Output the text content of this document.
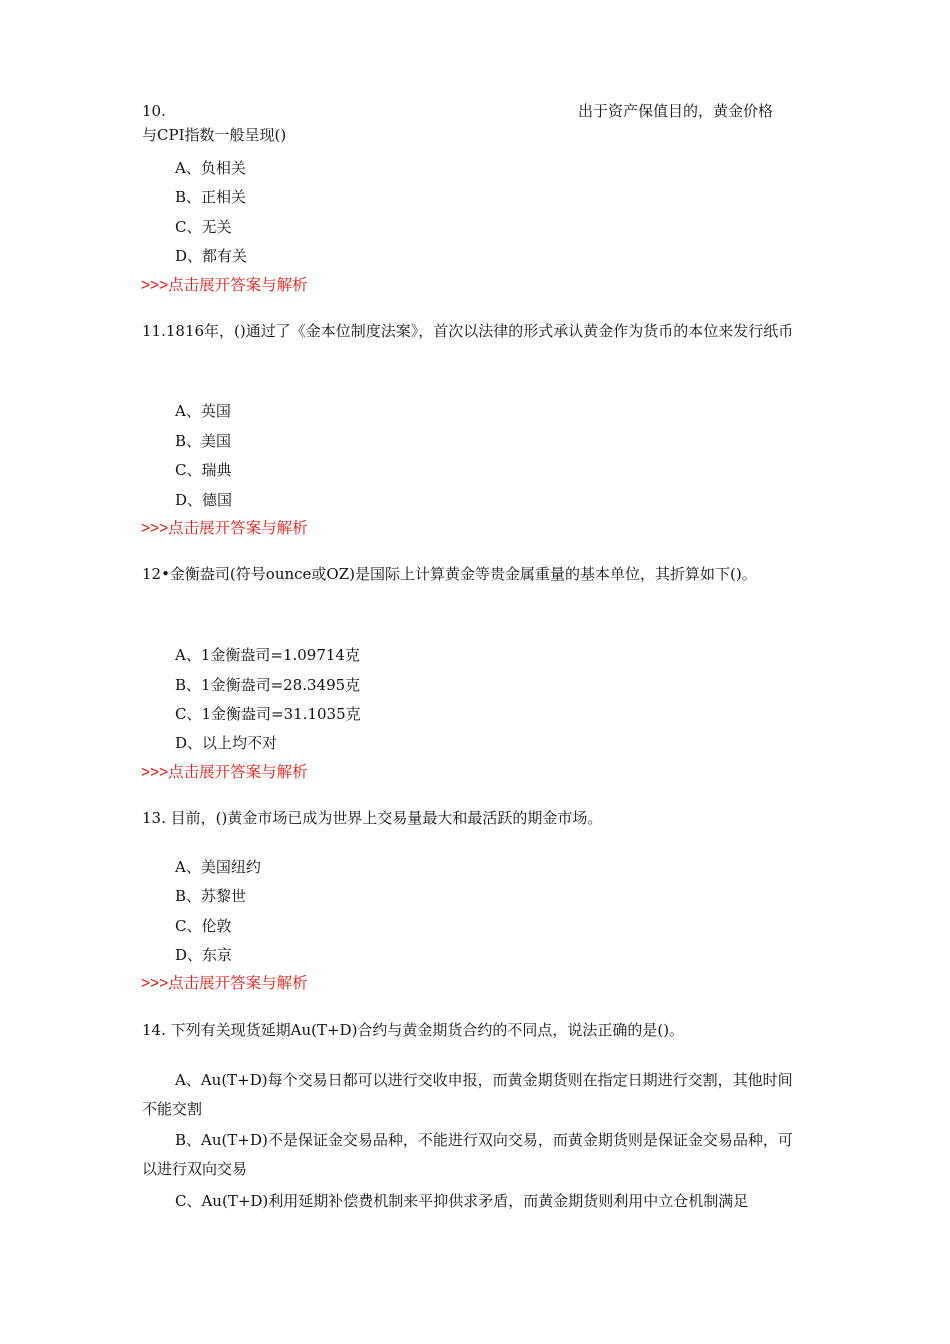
10.	出于资产保值目的，黄金价格
与CPI指数一般呈现()
A、负相关
B、正相关
C、无关
D、都有关
>>>点击展开答案与解析
11.1816年，()通过了《金本位制度法案》，首次以法律的形式承认黄金作为货币的本位来发行纸币
A、英国
B、美国
C、瑞典
D、德国
>>>点击展开答案与解析
12•金衡盎司(符号ounce或OZ)是国际上计算黄金等贵金属重量的基本单位，其折算如下()。
A、1金衡盎司=1.09714克
B、1金衡盎司=28.3495克
C、1金衡盎司=31.1035克
D、以上均不对
>>>点击展开答案与解析
13. 目前，()黄金市场已成为世界上交易量最大和最活跃的期金市场。
A、美国纽约
B、苏黎世
C、伦敦
D、东京
>>>点击展开答案与解析
14. 下列有关现货延期Au(T+D)合约与黄金期货合约的不同点，说法正确的是()。
A、Au(T+D)每个交易日都可以进行交收申报，而黄金期货则在指定日期进行交割，其他时间不能交割
B、Au(T+D)不是保证金交易品种，不能进行双向交易，而黄金期货则是保证金交易品种，可以进行双向交易
C、Au(T+D)利用延期补偿费机制来平抑供求矛盾，而黄金期货则利用中立仓机制满足
